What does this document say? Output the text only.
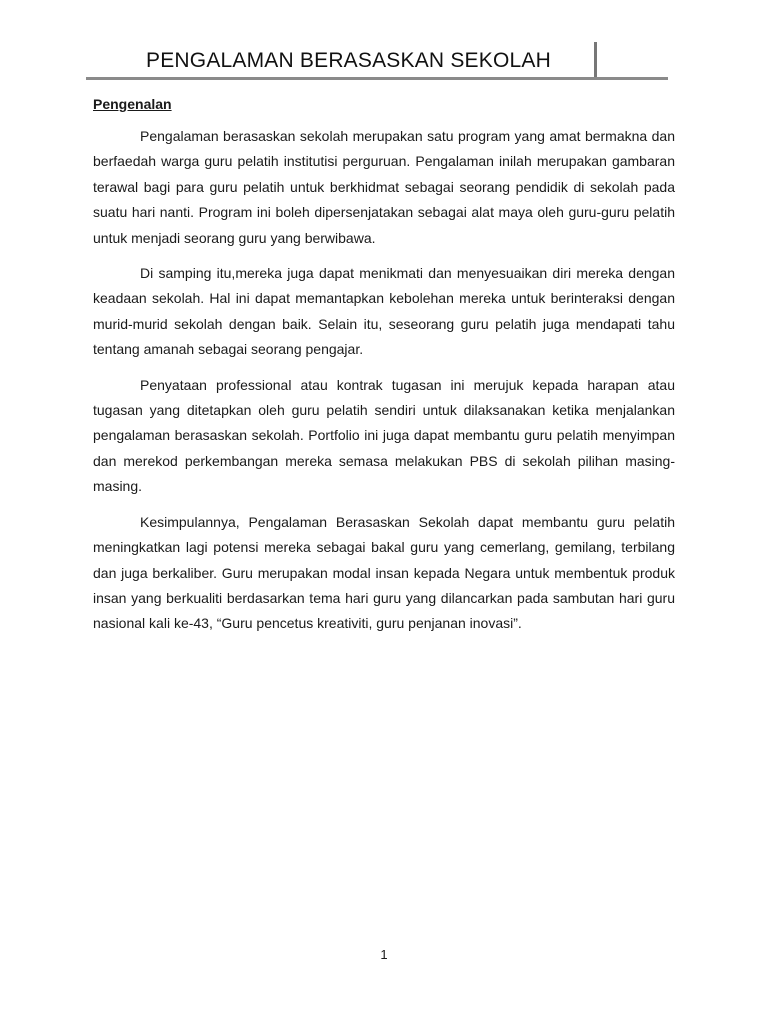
PENGALAMAN BERASASKAN SEKOLAH
Pengenalan

Pengalaman berasaskan sekolah merupakan satu program yang amat bermakna dan berfaedah warga guru pelatih institutisi perguruan. Pengalaman inilah merupakan gambaran terawal bagi para guru pelatih untuk berkhidmat sebagai seorang pendidik di sekolah pada suatu hari nanti. Program ini boleh dipersenjatakan sebagai alat maya oleh guru-guru pelatih untuk menjadi seorang guru yang berwibawa.

Di samping itu,mereka juga dapat menikmati dan menyesuaikan diri mereka dengan keadaan sekolah. Hal ini dapat memantapkan kebolehan mereka untuk berinteraksi dengan murid-murid sekolah dengan baik. Selain itu, seseorang guru pelatih juga mendapati tahu tentang amanah sebagai seorang pengajar.

Penyataan professional atau kontrak tugasan ini merujuk kepada harapan atau tugasan yang ditetapkan oleh guru pelatih sendiri untuk dilaksanakan ketika menjalankan pengalaman berasaskan sekolah. Portfolio ini juga dapat membantu guru pelatih menyimpan dan merekod perkembangan mereka semasa melakukan PBS di sekolah pilihan masing-masing.

Kesimpulannya, Pengalaman Berasaskan Sekolah dapat membantu guru pelatih meningkatkan lagi potensi mereka sebagai bakal guru yang cemerlang, gemilang, terbilang dan juga berkaliber. Guru merupakan modal insan kepada Negara untuk membentuk produk insan yang berkualiti berdasarkan tema hari guru yang dilancarkan pada sambutan hari guru nasional kali ke-43, “Guru pencetus kreativiti, guru penjanan inovasi”.

1
